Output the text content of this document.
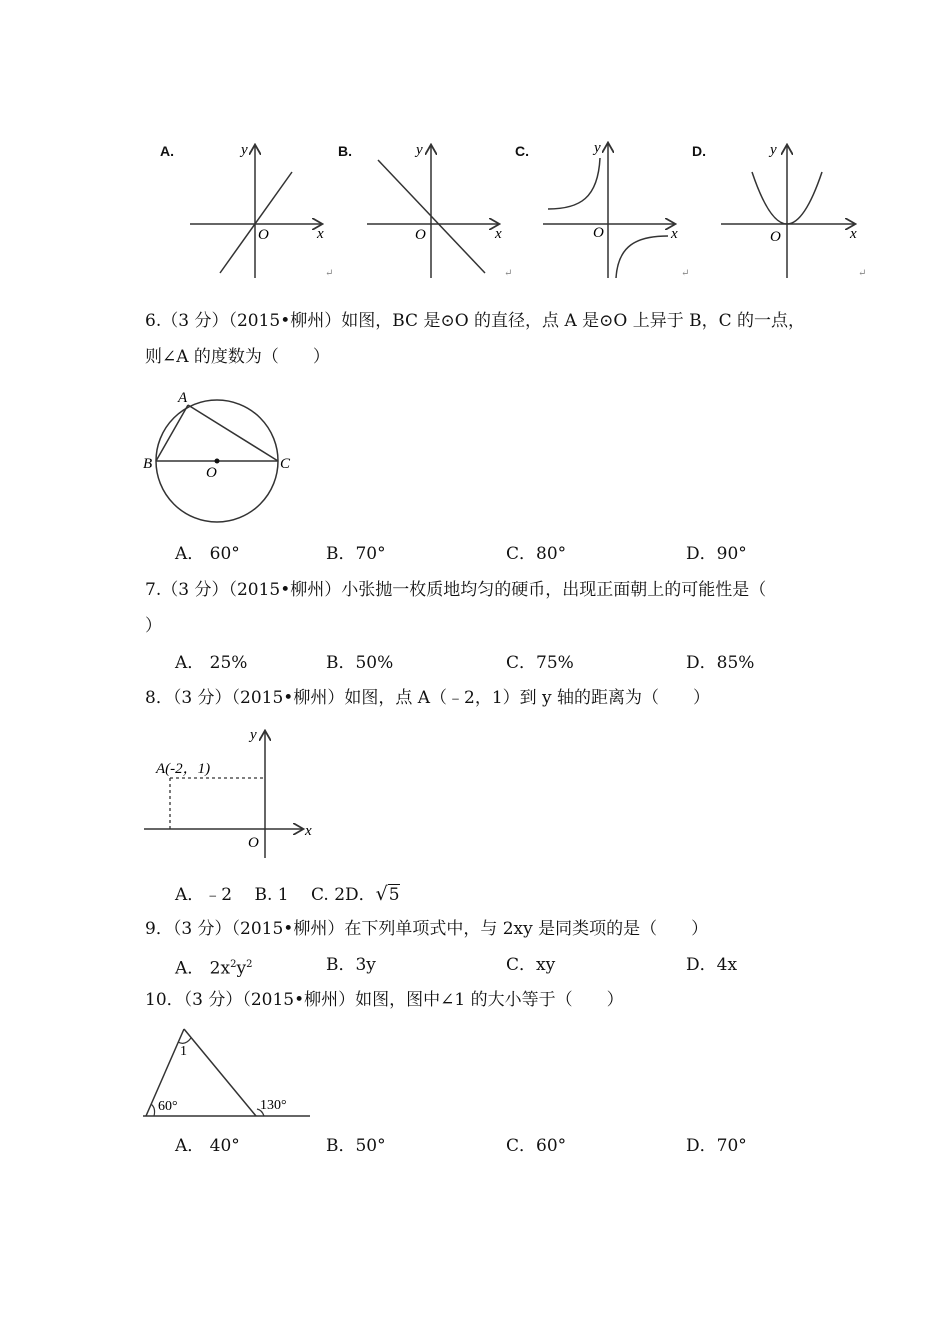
A.	y
x
O
↵
B.	y
x
O
↵
C.	y
x
O
↵
D.	y
x
O
↵
6.（3 分）（2015•柳州）如图，BC 是⊙O 的直径，点 A 是⊙O 上异于 B，C 的一点，
则∠A 的度数为（　　）
A
B	C
O
A． 60°	B．70°	C．80°	D．90°
7.（3 分）（2015•柳州）小张抛一枚质地均匀的硬币，出现正面朝上的可能性是（
）
A． 25%	B．50%	C．75%	D．85%
8．（3 分）（2015•柳州）如图，点 A（﹣2，1）到 y 轴的距离为（　　）
A(-2，1)
y
x
O
A．﹣2　 B. 1　 C. 2D．√5
9．（3 分）（2015•柳州）在下列单项式中，与 2xy 是同类项的是（　　）
A． $2x^2y^2$	B．3y	C．xy	D．4x
10．（3 分）（2015•柳州）如图，图中∠1 的大小等于（　　）
1
60°	130°
A． 40°	B．50°	C．60°	D．70°
